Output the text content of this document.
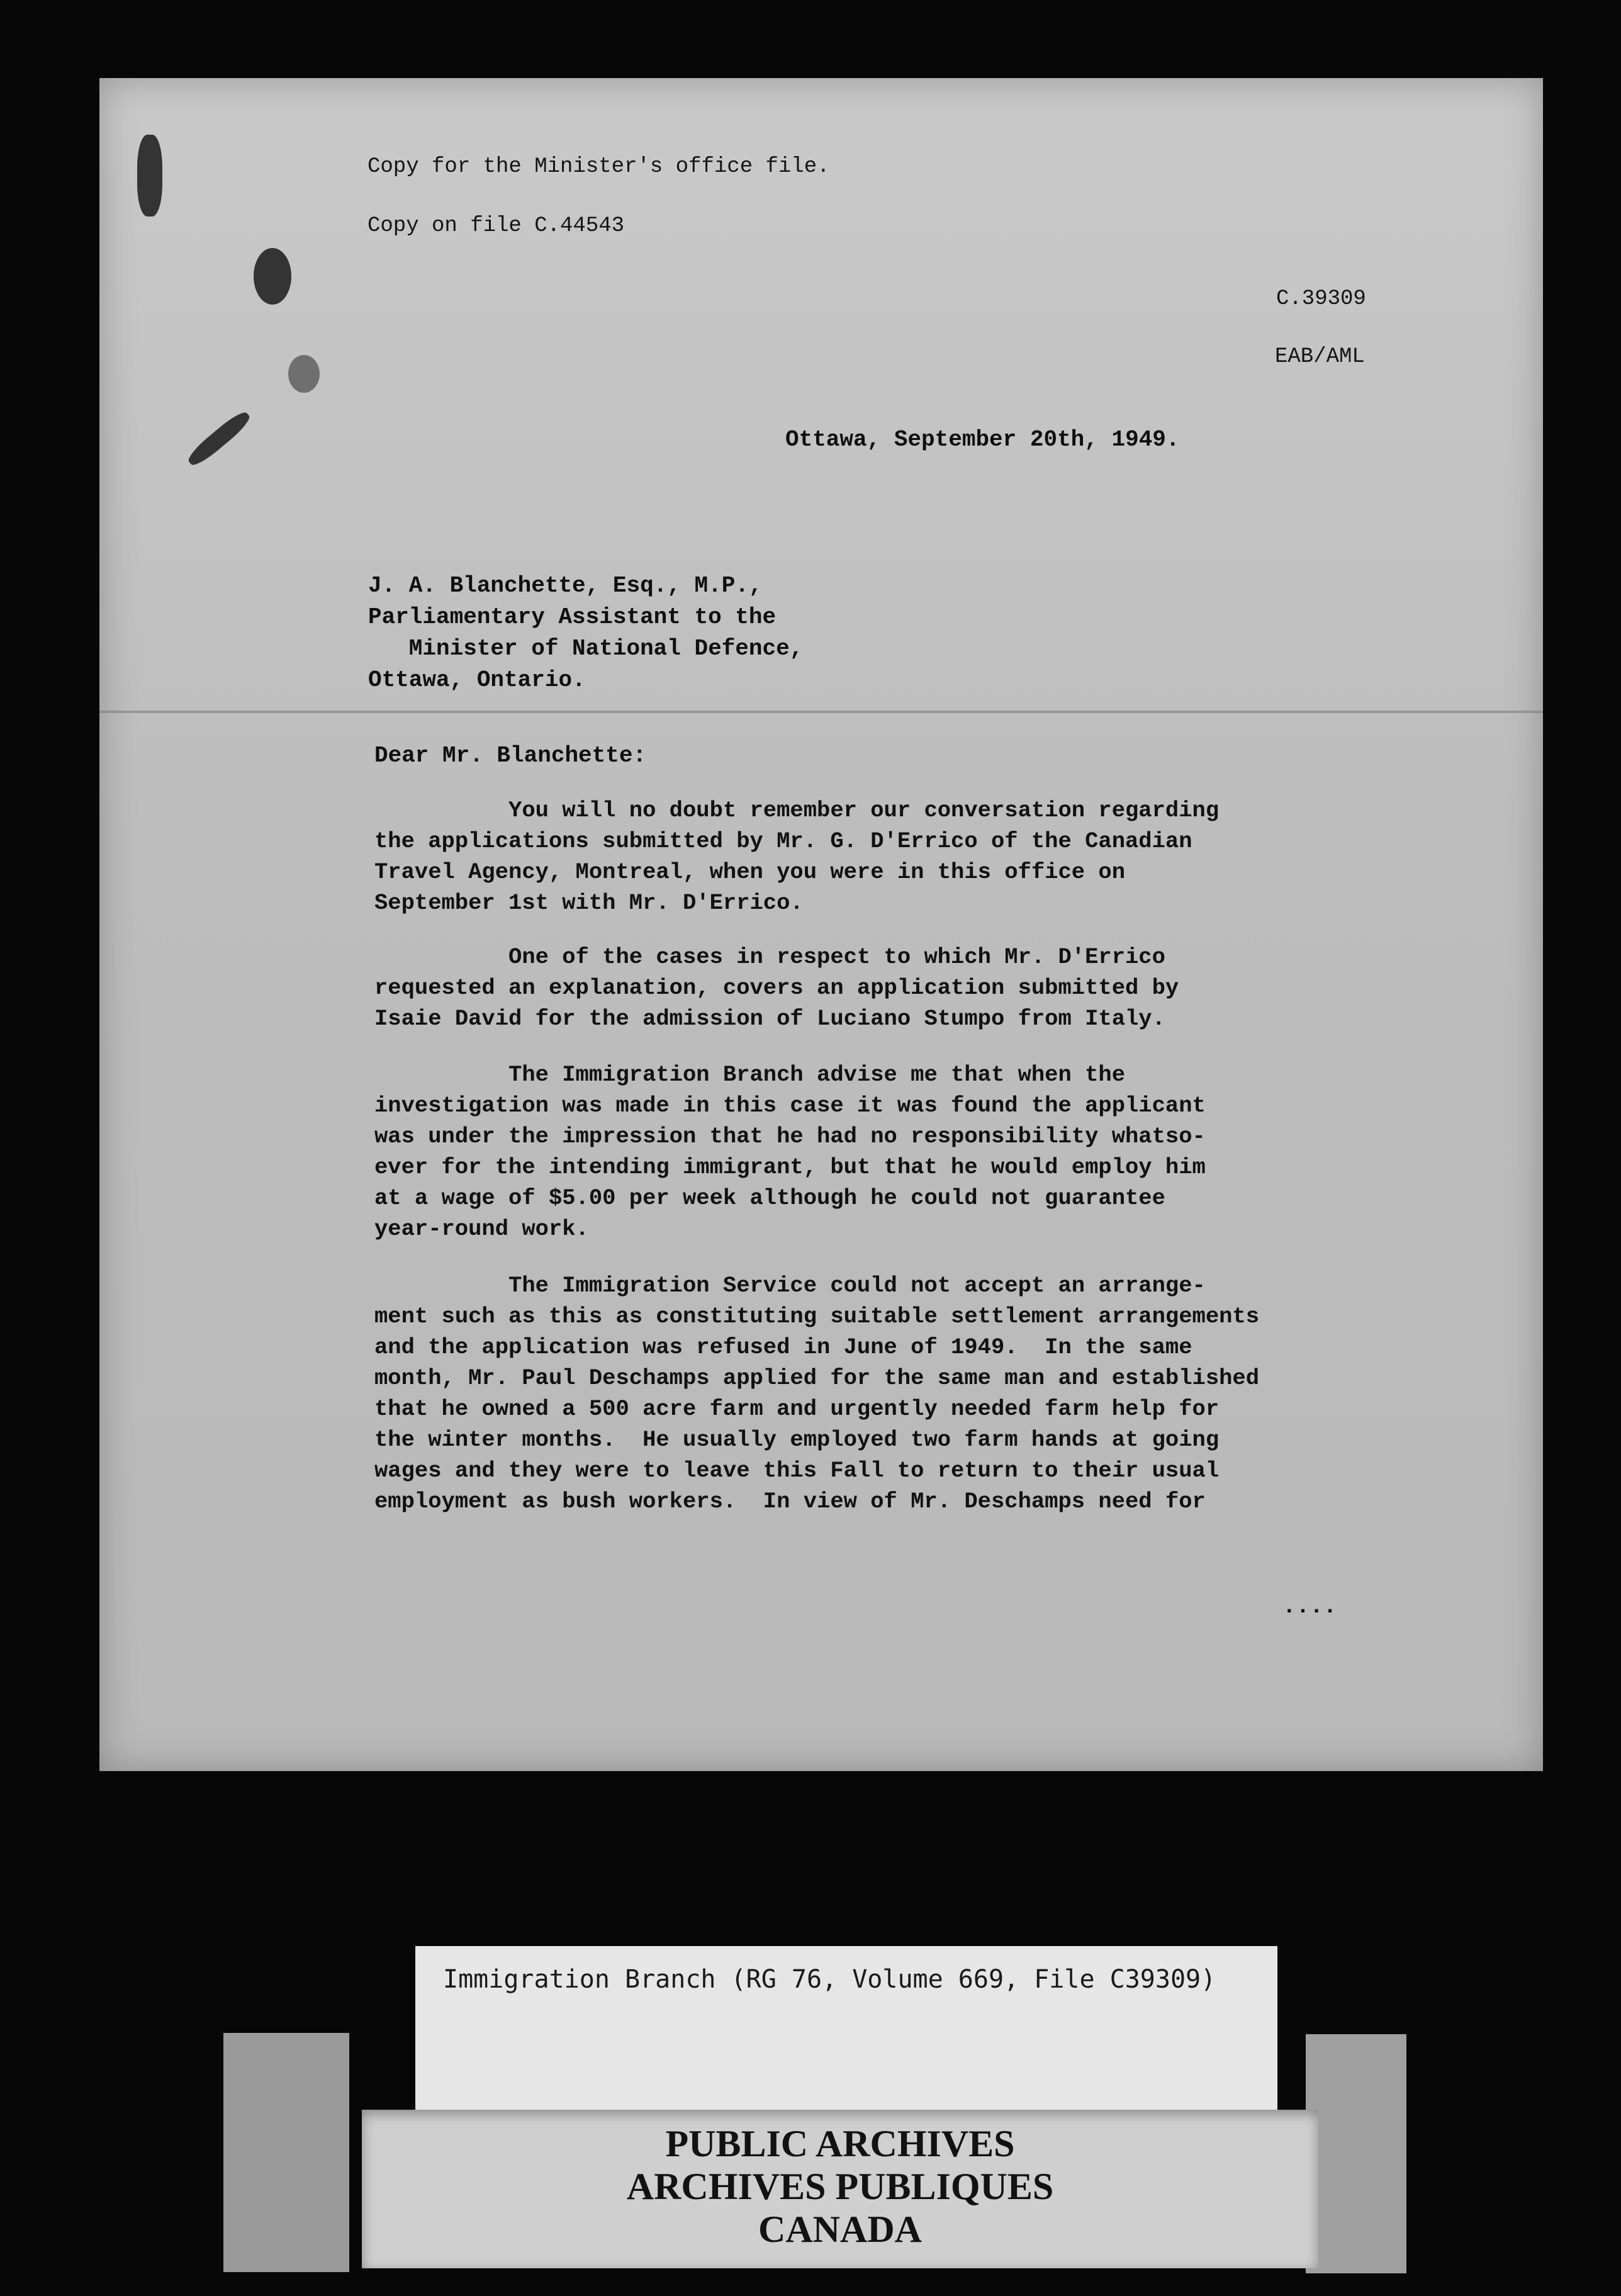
Copy for the Minister's office file.
Copy on file C.44543
C.39309
EAB/AML
Ottawa, September 20th, 1949.
J. A. Blanchette, Esq., M.P.,
Parliamentary Assistant to the
Minister of National Defence,
Ottawa, Ontario.
Dear Mr. Blanchette:
You will no doubt remember our conversation regarding
the applications submitted by Mr. G. D'Errico of the Canadian
Travel Agency, Montreal, when you were in this office on
September 1st with Mr. D'Errico.
One of the cases in respect to which Mr. D'Errico
requested an explanation, covers an application submitted by
Isaie David for the admission of Luciano Stumpo from Italy.
The Immigration Branch advise me that when the
investigation was made in this case it was found the applicant
was under the impression that he had no responsibility whatso-
ever for the intending immigrant, but that he would employ him
at a wage of $5.00 per week although he could not guarantee
year-round work.
The Immigration Service could not accept an arrange-
ment such as this as constituting suitable settlement arrangements
and the application was refused in June of 1949.  In the same
month, Mr. Paul Deschamps applied for the same man and established
that he owned a 500 acre farm and urgently needed farm help for
the winter months.  He usually employed two farm hands at going
wages and they were to leave this Fall to return to their usual
employment as bush workers.  In view of Mr. Deschamps need for
....
Immigration Branch (RG 76, Volume 669, File C39309)
PUBLIC ARCHIVES
ARCHIVES PUBLIQUES
CANADA
